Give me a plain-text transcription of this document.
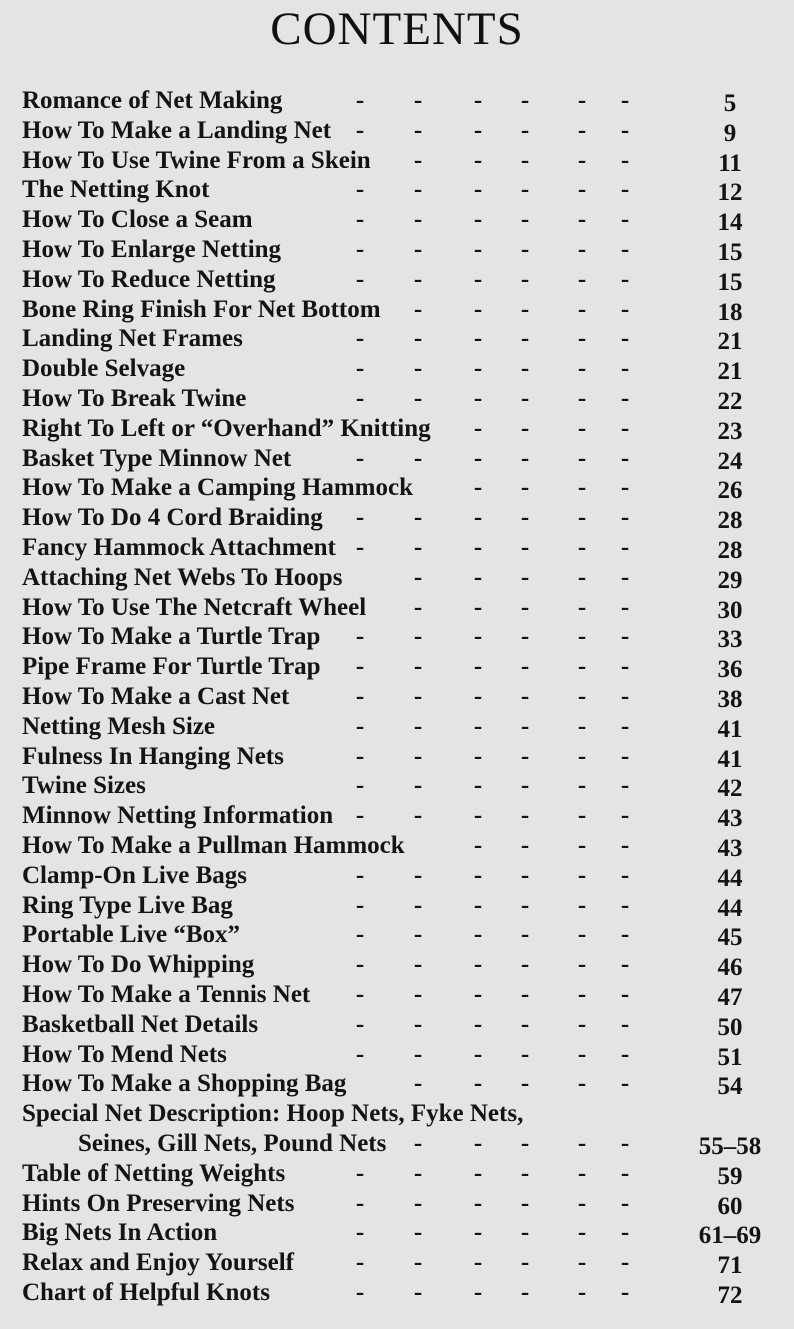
CONTENTS
Romance of Net Making	- - - - - -	5
How To Make a Landing Net - - - - - -	9
How To Use Twine From a Skein - - - - -	11
The Netting Knot	- - - - - -	12
How To Close a Seam	- - - - - -	14
How To Enlarge Netting	- - - - - -	15
How To Reduce Netting	- - - - - -	15
Bone Ring Finish For Net Bottom - - - - -	18
Landing Net Frames	- - - - - -	21
Double Selvage	- - - - - -	21
How To Break Twine	- - - - - -	22
Right To Left or “Overhand” Knitting - - - -	23
Basket Type Minnow Net	- - - - - -	24
How To Make a Camping Hammock - - - -	26
How To Do 4 Cord Braiding - - - - - -	28
Fancy Hammock Attachment - - - - - -	28
Attaching Net Webs To Hoops	- - - - -	29
How To Use The Netcraft Wheel - - - - -	30
How To Make a Turtle Trap - - - - - -	33
Pipe Frame For Turtle Trap - - - - - -	36
How To Make a Cast Net	- - - - - -	38
Netting Mesh Size	- - - - - -	41
Fulness In Hanging Nets	- - - - - -	41
Twine Sizes	- - - - - -	42
Minnow Netting Information - - - - - -	43
How To Make a Pullman Hammock	- - - -	43
Clamp-On Live Bags	- - - - - -	44
Ring Type Live Bag	- - - - - -	44
Portable Live “Box”	- - - - - -	45
How To Do Whipping	- - - - - -	46
How To Make a Tennis Net - - - - - -	47
Basketball Net Details	- - - - - -	50
How To Mend Nets	- - - - - -	51
How To Make a Shopping Bag	- - - - -	54
Special Net Description: Hoop Nets, Fyke Nets,
Seines, Gill Nets, Pound Nets - - - - -	55–58
Table of Netting Weights	- - - - - -	59
Hints On Preserving Nets - - - - - -	60
Big Nets In Action	- - - - - -	61–69
Relax and Enjoy Yourself - - - - - -	71
Chart of Helpful Knots	- - - - - -	72
